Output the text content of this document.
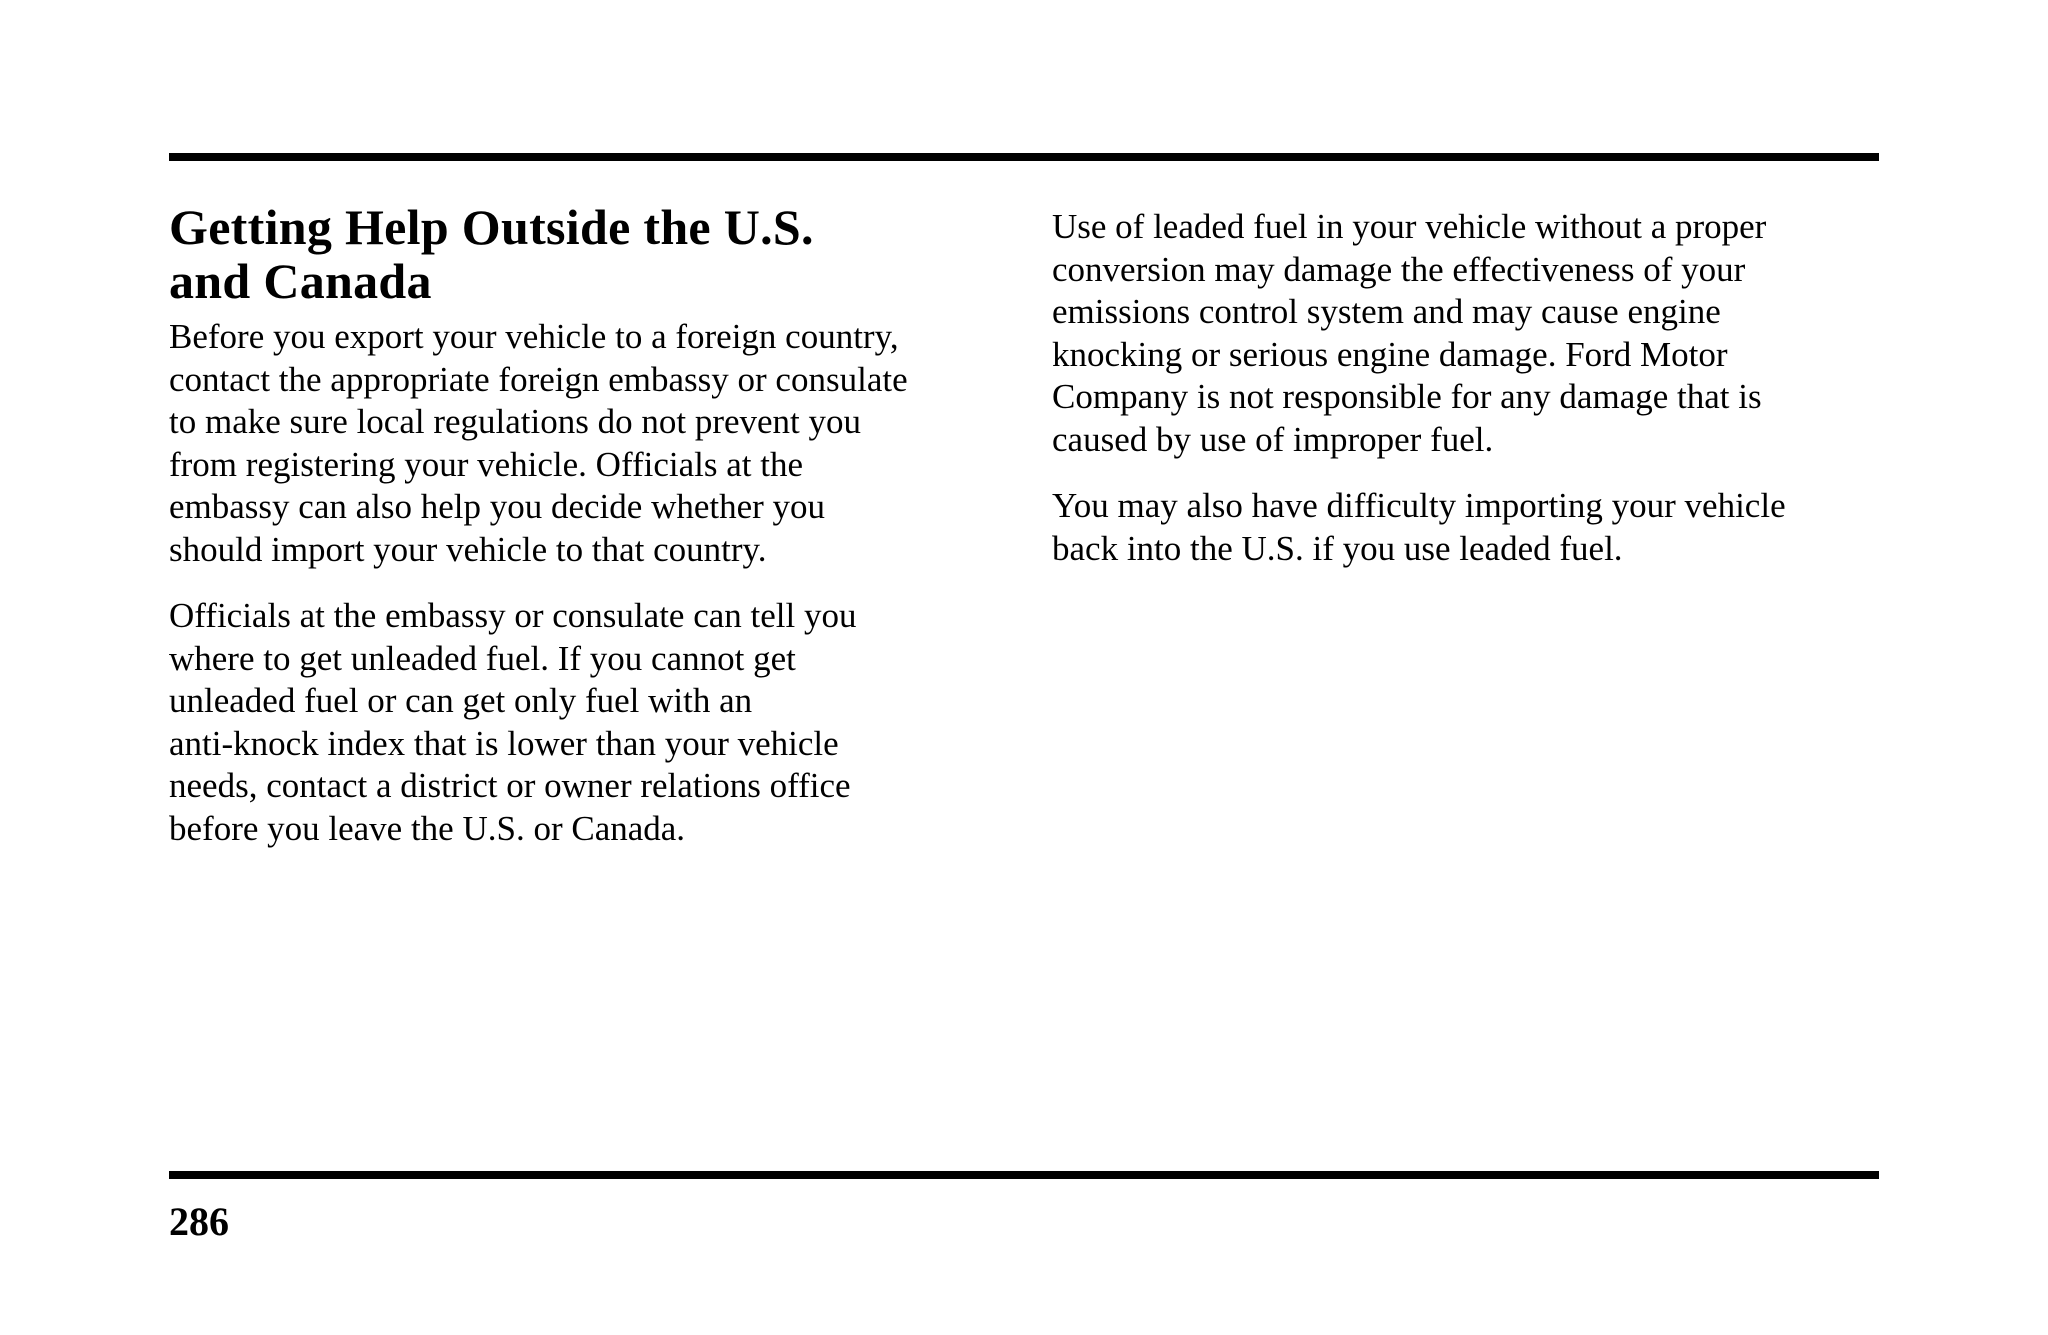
Getting Help Outside the U.S.
and Canada

Before you export your vehicle to a foreign country,
contact the appropriate foreign embassy or consulate
to make sure local regulations do not prevent you
from registering your vehicle. Officials at the
embassy can also help you decide whether you
should import your vehicle to that country.

Officials at the embassy or consulate can tell you
where to get unleaded fuel. If you cannot get
unleaded fuel or can get only fuel with an
anti-knock index that is lower than your vehicle
needs, contact a district or owner relations office
before you leave the U.S. or Canada.

Use of leaded fuel in your vehicle without a proper
conversion may damage the effectiveness of your
emissions control system and may cause engine
knocking or serious engine damage. Ford Motor
Company is not responsible for any damage that is
caused by use of improper fuel.

You may also have difficulty importing your vehicle
back into the U.S. if you use leaded fuel.

286
